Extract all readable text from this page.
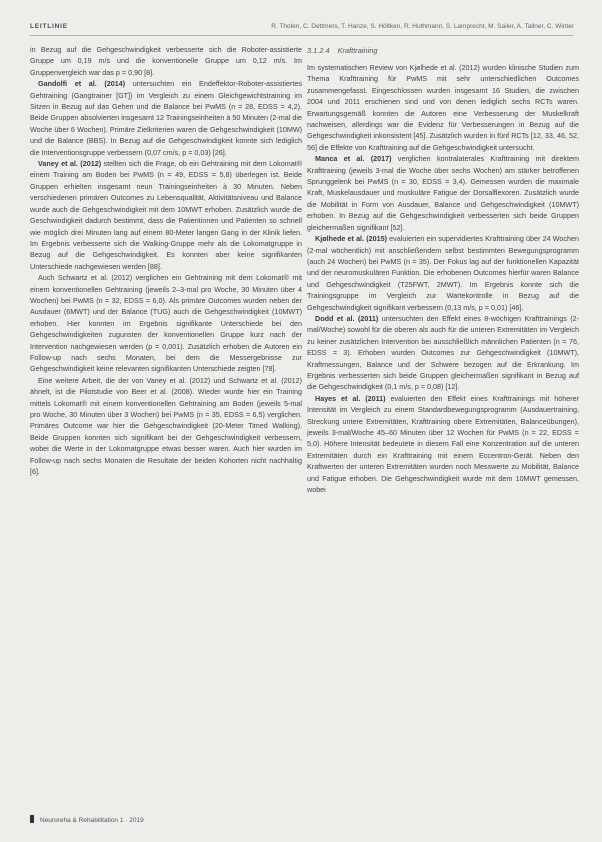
LEITLINIE	R. Tholen, C. Dettmers, T. Hanze, S. Höltken, R. Huthmann, S. Lamprecht, M. Sailer, A. Tallner, C. Winter

in Bezug auf die Gehgeschwindigkeit verbesserte sich die Roboter-assistierte Gruppe um 0,19 m/s und die konventionelle Gruppe um 0,12 m/s. Im Gruppenvergleich war das p = 0,90 [8].

Gandolfi et al. (2014) untersuchten ein Endeffektor-Roboter-assistiertes Gehtraining (Gangtrainer [GT]) im Vergleich zu einem Gleichgewichtstraining im Sitzen in Bezug auf das Gehen und die Balance bei PwMS (n = 28, EDSS = 4,2). Beide Gruppen absolvierten insgesamt 12 Trainingseinheiten à 50 Minuten (2-mal die Woche über 6 Wochen). Primäre Zielkriterien waren die Gehgeschwindigkeit (10MW) und die Balance (BBS). In Bezug auf die Gehgeschwindigkeit konnte sich lediglich die Interventionsgruppe verbessern (0,07 cm/s, p = 0,03) [26].

Vaney et al. (2012) stellten sich die Frage, ob ein Gehtraining mit dem Lokomat® einem Training am Boden bei PwMS (n = 49, EDSS = 5,8) überlegen ist. Beide Gruppen erhielten insgesamt neun Trainingseinheiten à 30 Minuten. Neben verschiedenen primären Outcomes zu Lebensqualität, Aktivitätsniveau und Balance wurde auch die Gehgeschwindigkeit mit dem 10MWT erhoben. Zusätzlich wurde die Geschwindigkeit dadurch bestimmt, dass die Patientinnen und Patienten so schnell wie möglich drei Minuten lang auf einem 80-Meter langen Gang in der Klinik liefen. Im Ergebnis verbesserte sich die Walking-Gruppe mehr als die Lokomatgruppe in Bezug auf die Gehgeschwindigkeit. Es konnten aber keine signifikanten Unterschiede nachgewiesen werden [88].

Auch Schwartz et al. (2012) verglichen ein Gehtraining mit dem Lokomat® mit einem konventionellen Gehtraining (jeweils 2–3-mal pro Woche, 30 Minuten über 4 Wochen) bei PwMS (n = 32, EDSS = 6,0). Als primäre Outcomes wurden neben der Ausdauer (6MWT) und der Balance (TUG) auch die Gehgeschwindigkeit (10MWT) erhoben. Hier konnten im Ergebnis signifikante Unterschiede bei den Gehgeschwindigkeiten zugunsten der konventionellen Gruppe kurz nach der Intervention nachgewiesen werden (p = 0,001). Zusätzlich erhoben die Autoren ein Follow-up nach sechs Monaten, bei dem die Messergebnisse zur Gehgeschwindigkeit keine relevanten signifikanten Unterschiede zeigten [78].

Eine weitere Arbeit, die der von Vaney et al. (2012) und Schwartz et al. (2012) ähnelt, ist die Pilotstudie von Beer et al. (2008). Wieder wurde hier ein Training mittels Lokomat® mit einem konventionellen Gehtraining am Boden (jeweils 5-mal pro Woche, 30 Minuten über 3 Wochen) bei PwMS (n = 35, EDSS = 6,5) verglichen. Primäres Outcome war hier die Gehgeschwindigkeit (20-Meter Timed Walking). Beide Gruppen konnten sich signifikant bei der Gehgeschwindigkeit verbessern, wobei die Werte in der Lokomatgruppe etwas besser waren. Auch hier wurden im Follow-up nach sechs Monaten die Resultate der beiden Kohorten nicht nachhaltig [6].

3.1.2.4 Krafttraining

Im systematischen Review von Kjølhede et al. (2012) wurden klinische Studien zum Thema Krafttraining für PwMS mit sehr unterschiedlichen Outcomes zusammengefasst. Eingeschlossen wurden insgesamt 16 Studien, die zwischen 2004 und 2011 erschienen sind und von denen lediglich sechs RCTs waren. Erwartungsgemäß konnten die Autoren eine Verbesserung der Muskelkraft nachweisen, allerdings war die Evidenz für Verbesserungen in Bezug auf die Gehgeschwindigkeit inkonsistent [45]. Zusätzlich wurden in fünf RCTs [12, 33, 46, 52, 56] die Effekte von Krafttraining auf die Gehgeschwindigkeit untersucht.

Manca et al. (2017) verglichen kontralaterales Krafttraining mit direktem Krafttraining (jeweils 3-mal die Woche über sechs Wochen) am stärker betroffenen Sprunggelenk bei PwMS (n = 30, EDSS = 3,4). Gemessen wurden die maximale Kraft, Muskelausdauer und muskuläre Fatigue der Dorsalflexoren. Zusätzlich wurde die Mobilität in Form von Ausdauer, Balance und Gehgeschwindigkeit (10MWT) erhoben. In Bezug auf die Gehgeschwindigkeit verbesserten sich beide Gruppen gleichermaßen signifikant [52].

Kjølhede et al. (2015) evaluierten ein supervidiertes Krafttraining über 24 Wochen (2-mal wöchentlich) mit anschließendem selbst bestimmten Bewegungsprogramm (auch 24 Wochen) bei PwMS (n = 35). Der Fokus lag auf der funktionellen Kapazität und der neuromuskulären Funktion. Die erhobenen Outcomes hierfür waren Balance und Gehgeschwindigkeit (T25FWT, 2MWT). Im Ergebnis konnte sich die Trainingsgruppe im Vergleich zur Wartekontrolle in Bezug auf die Gehgeschwindigkeit signifikant verbessern (0,13 m/s, p = 0,01) [46].

Dodd et al. (2011) untersuchten den Effekt eines 8-wöchigen Krafttrainings (2-mal/Woche) sowohl für die oberen als auch für die unteren Extremitäten im Vergleich zu keiner zusätzlichen Intervention bei ausschließlich männlichen Patienten (n = 76, EDSS = 3). Erhoben wurden Outcomes zur Gehgeschwindigkeit (10MWT), Kraftmessungen, Balance und der Schwere bezogen auf die Erkrankung. Im Ergebnis verbesserten sich beide Gruppen gleichermaßen signifikant in Bezug auf die Gehgeschwindigkeit (0,1 m/s, p = 0,08) [12].

Hayes et al. (2011) evaluierten den Effekt eines Krafttrainings mit höherer Intensität im Vergleich zu einem Standardbewegungsprogramm (Ausdauertraining, Streckung untere Extremitäten, Krafttraining obere Extremitäten, Balanceübungen), jeweils 3-mal/Woche 45–60 Minuten über 12 Wochen für PwMS (n = 22, EDSS = 5,0). Höhere Intensität bedeutete in diesem Fall eine Konzentration auf die unteren Extremitäten durch ein Krafttraining mit einem Eccentron-Gerät. Neben den Kraftwerten der unteren Extremitäten wurden noch Messwerte zu Mobilität, Balance und Fatigue erhoben. Die Gehgeschwindigkeit wurde mit dem 10MWT gemessen, wobei

Neuroreha & Rehabilitation 1 · 2019
